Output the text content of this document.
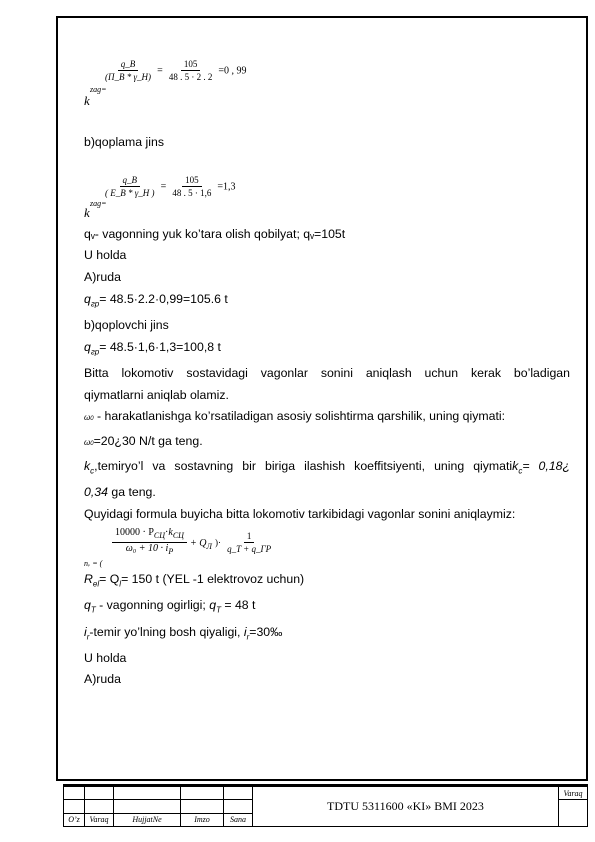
zag=
k
$\frac{q\_B}{(\Pi\_B * \gamma\_H)} = \frac{105}{48 . 5 \cdot 2 . 2} =0$ , 99

b)qoplama jins

zag=
k
$\frac{q\_B}{( E\_B * \gamma\_H )} = \frac{105}{48 . 5 \cdot 1,6} =1,3$

qᵥ- vagonning yuk ko’tara olish qobilyat; qᵥ=105t

U holda

A)ruda

$q_{гр}= 48.5\cdot 2.2\cdot 0,99=105.6$ t

b)qoplovchi jins

$q_{гр}= 48.5\cdot 1,6\cdot 1,3=100,8$ t

Bitta lokomotiv sostavidagi vagonlar sonini aniqlash uchun kerak bo’ladigan

qiymatlarni aniqlab olamiz.

ω0 - harakatlanishga ko’rsatiladigan asosiy solishtirma qarshilik, uning qiymati:

ω0=20¿30 N/t ga teng.

$k_c,temiryo’l$ va sostavning bir biriga ilashish koeffitsiyenti, uning qiymatik$_c$= 0,18¿

0,34 ga teng.

Quyidagi formula buyicha bitta lokomotiv tarkibidagi vagonlar sonini aniqlaymiz:

nᵥ = (
$\frac{10000 \cdot P_{СЦ}\cdot k_{СЦ}}{\omega_0 + 10 \cdot i_Р} + Q_Л$ )· $\frac{1}{q\_T + q\_ГР}$

$R_{el}= Q_l= 150$ t (YEL -1 elektrovoz uchun)

$q_T$ - vagonning ogirligi; $q_T = 48$ t

$i_r$-temir yo’lning bosh qiyaligi, $i_r=30‰$

U holda

A)ruda

					TDTU 5311600 «KI» BMI 2023	Varaq

O’z	Varaq	HujjatNe	Imzo	Sana		
